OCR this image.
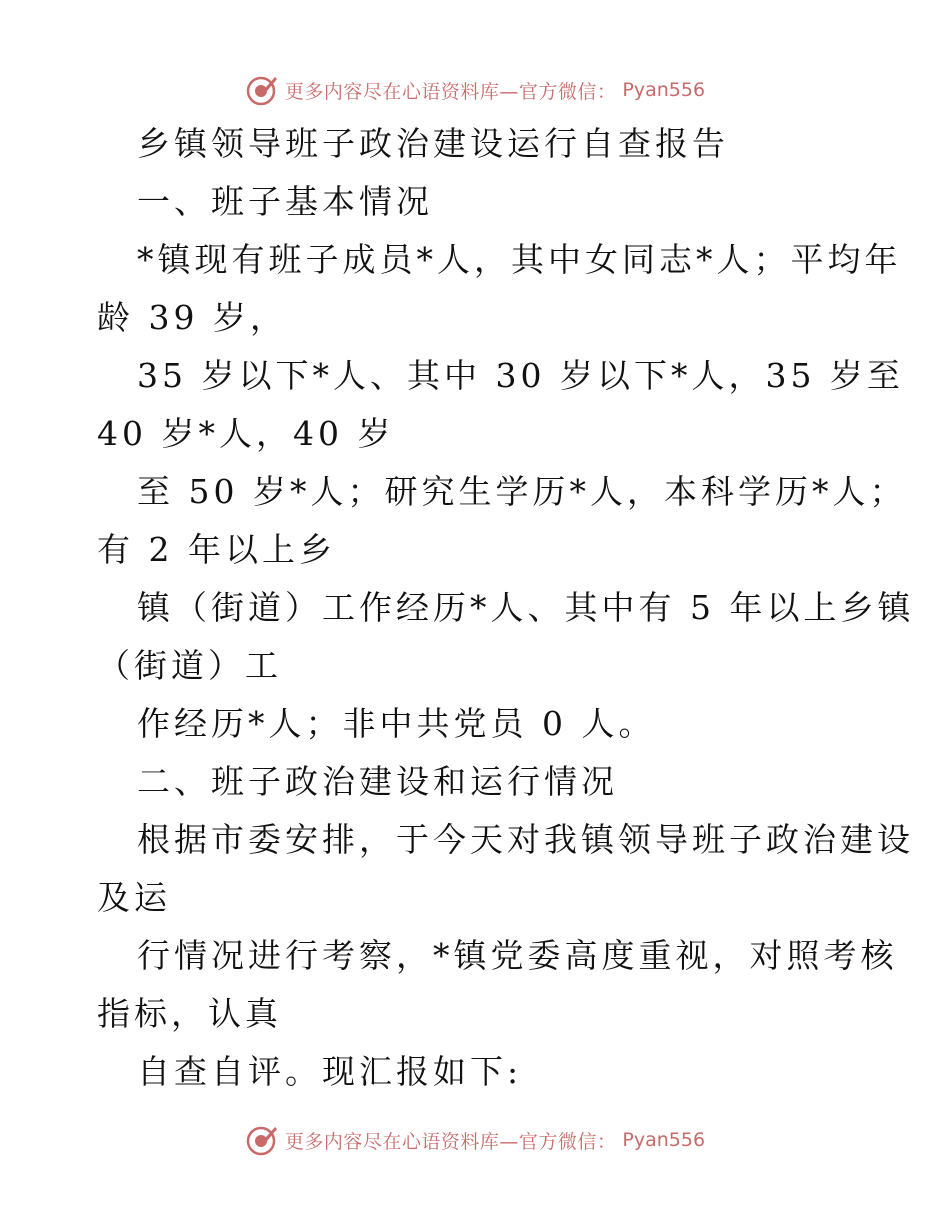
更多内容尽在心语资料库—官方微信： Pyan556
乡镇领导班子政治建设运行自查报告
一、班子基本情况
*镇现有班子成员*人，其中女同志*人；平均年
龄 39 岁，
35 岁以下*人、其中 30 岁以下*人，35 岁至
40 岁*人，40 岁
至 50 岁*人；研究生学历*人，本科学历*人；
有 2 年以上乡
镇（街道）工作经历*人、其中有 5 年以上乡镇
（街道）工
作经历*人；非中共党员 0 人。
二、班子政治建设和运行情况
根据市委安排，于今天对我镇领导班子政治建设
及运
行情况进行考察，*镇党委高度重视，对照考核
指标，认真
自查自评。现汇报如下:
更多内容尽在心语资料库—官方微信： Pyan556
